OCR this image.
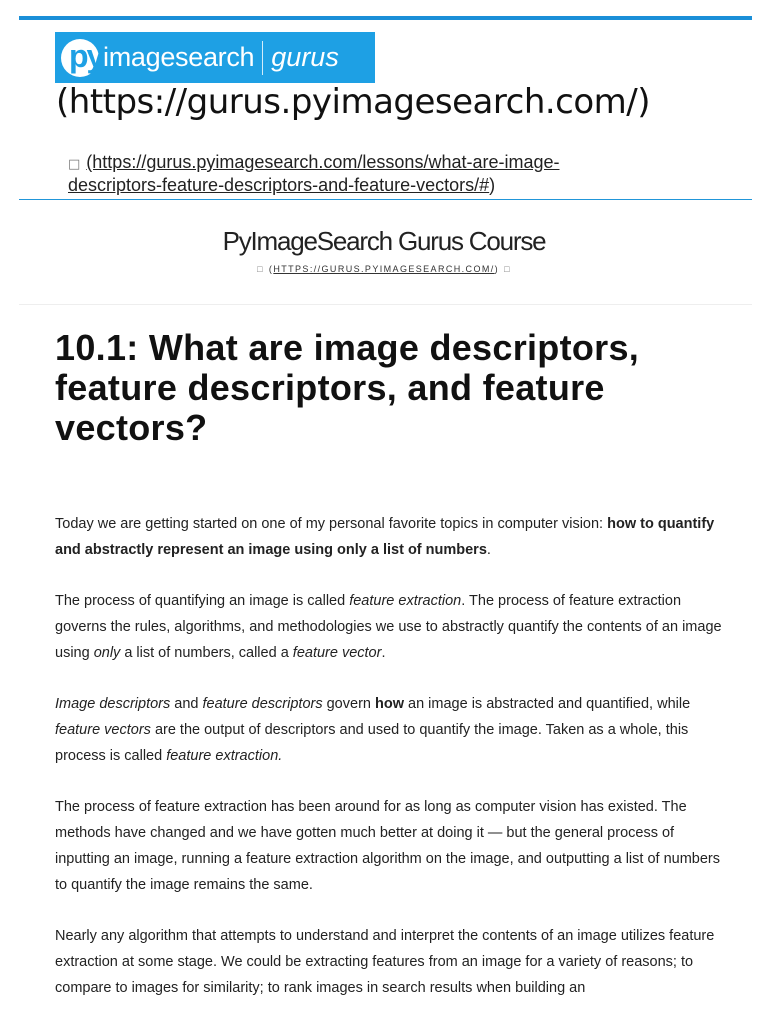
py imagesearch gurus
(https://gurus.pyimagesearch.com/)
□ (https://gurus.pyimagesearch.com/lessons/what-are-image-
descriptors-feature-descriptors-and-feature-vectors/#)
PyImageSearch Gurus Course
□ (HTTPS://GURUS.PYIMAGESEARCH.COM/) □
10.1: What are image descriptors, feature descriptors, and feature vectors?

Today we are getting started on one of my personal favorite topics in computer vision: how to quantify and abstractly represent an image using only a list of numbers.

The process of quantifying an image is called feature extraction. The process of feature extraction governs the rules, algorithms, and methodologies we use to abstractly quantify the contents of an image using only a list of numbers, called a feature vector.

Image descriptors and feature descriptors govern how an image is abstracted and quantified, while feature vectors are the output of descriptors and used to quantify the image. Taken as a whole, this process is called feature extraction.

The process of feature extraction has been around for as long as computer vision has existed. The methods have changed and we have gotten much better at doing it — but the general process of inputting an image, running a feature extraction algorithm on the image, and outputting a list of numbers to quantify the image remains the same.

Nearly any algorithm that attempts to understand and interpret the contents of an image utilizes feature extraction at some stage. We could be extracting features from an image for a variety of reasons; to compare to images for similarity; to rank images in search results when building an
